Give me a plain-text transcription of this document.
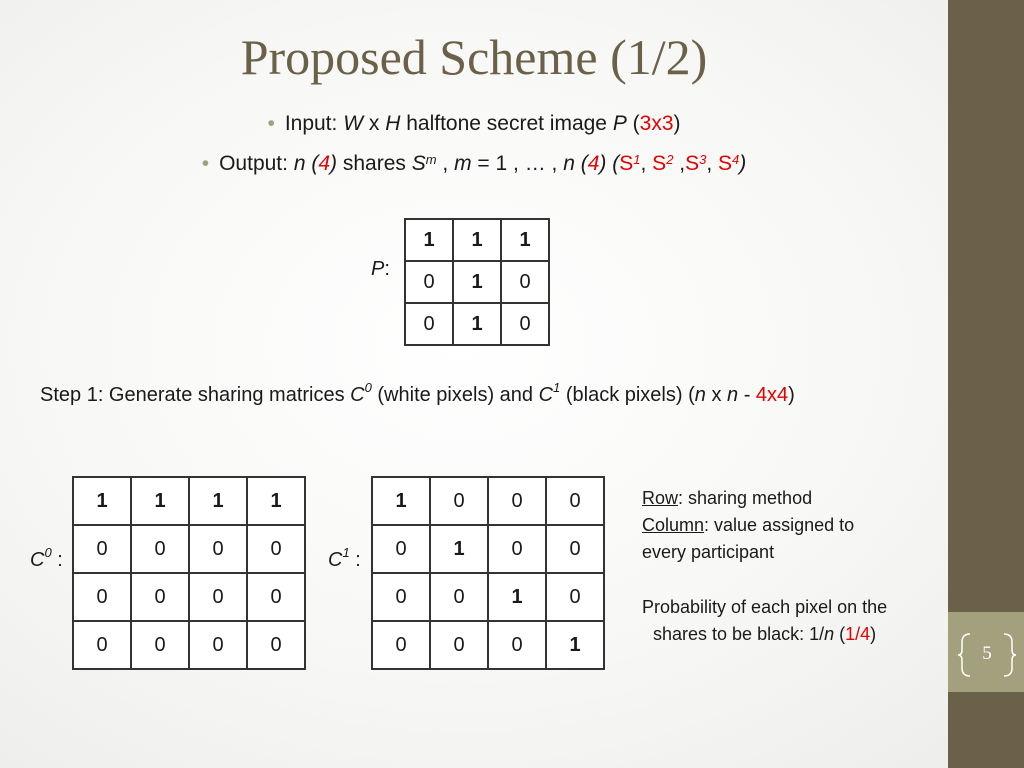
5
Proposed Scheme (1/2)
• Input: W x H halftone secret image P (3x3)
• Output: n (4) shares $S^m$ , m = 1 , … , n (4) ($S^1$, $S^2$ $,S^3$, $S^4$)
P:
1	1	1
0	1	0
0	1	0
Step 1: Generate sharing matrices $C^0$ (white pixels) and $C^1$ (black pixels) (n x n - 4x4)
$C^0$ :
1	1	1	1
0	0	0	0
0	0	0	0
0	0	0	0
$C^1$ :
1	0	0	0
0	1	0	0
0	0	1	0
0	0	0	1
Row: sharing method
Column: value assigned to
every participant
Probability of each pixel on the
shares to be black: 1/n (1/4)
